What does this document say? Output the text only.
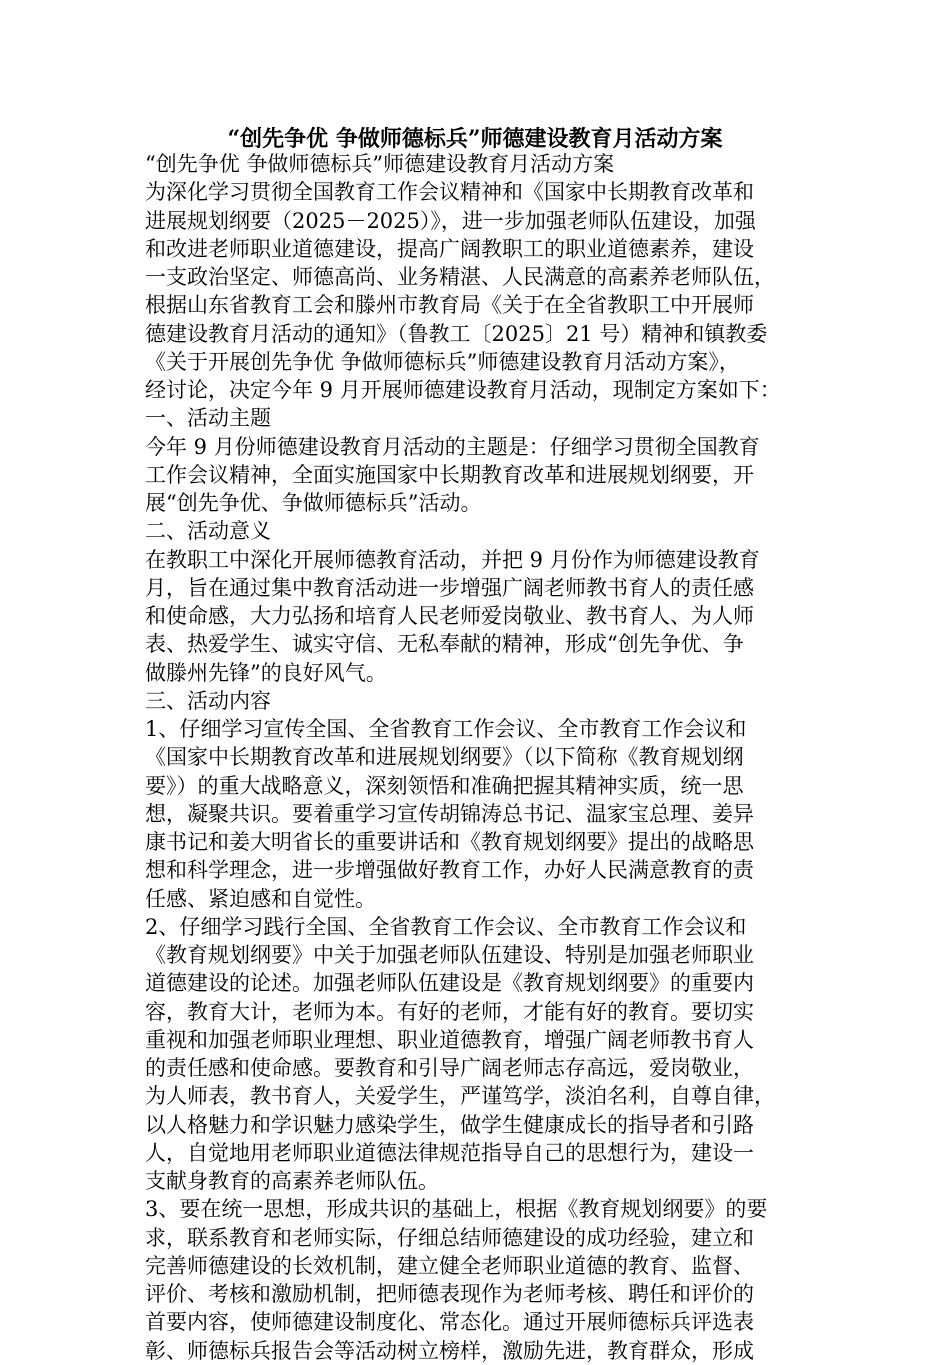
“创先争优 争做师德标兵”师德建设教育月活动方案
“创先争优 争做师德标兵”师德建设教育月活动方案
为深化学习贯彻全国教育工作会议精神和《国家中长期教育改革和
进展规划纲要（2025－2025）》，进一步加强老师队伍建设，加强
和改进老师职业道德建设，提高广阔教职工的职业道德素养，建设
一支政治坚定、师德高尚、业务精湛、人民满意的高素养老师队伍，
根据山东省教育工会和滕州市教育局《关于在全省教职工中开展师
德建设教育月活动的通知》（鲁教工〔2025〕21 号）精神和镇教委
《关于开展创先争优 争做师德标兵”师德建设教育月活动方案》，
经讨论，决定今年 9 月开展师德建设教育月活动，现制定方案如下：
一、活动主题
今年 9 月份师德建设教育月活动的主题是：仔细学习贯彻全国教育
工作会议精神，全面实施国家中长期教育改革和进展规划纲要，开
展“创先争优、争做师德标兵”活动。
二、活动意义
在教职工中深化开展师德教育活动，并把 9 月份作为师德建设教育
月，旨在通过集中教育活动进一步增强广阔老师教书育人的责任感
和使命感，大力弘扬和培育人民老师爱岗敬业、教书育人、为人师
表、热爱学生、诚实守信、无私奉献的精神，形成“创先争优、争
做滕州先锋”的良好风气。
三、活动内容
1、仔细学习宣传全国、全省教育工作会议、全市教育工作会议和
《国家中长期教育改革和进展规划纲要》（以下简称《教育规划纲
要》）的重大战略意义，深刻领悟和准确把握其精神实质，统一思
想，凝聚共识。要着重学习宣传胡锦涛总书记、温家宝总理、姜异
康书记和姜大明省长的重要讲话和《教育规划纲要》提出的战略思
想和科学理念，进一步增强做好教育工作，办好人民满意教育的责
任感、紧迫感和自觉性。
2、仔细学习践行全国、全省教育工作会议、全市教育工作会议和
《教育规划纲要》中关于加强老师队伍建设、特别是加强老师职业
道德建设的论述。加强老师队伍建设是《教育规划纲要》的重要内
容，教育大计，老师为本。有好的老师，才能有好的教育。要切实
重视和加强老师职业理想、职业道德教育，增强广阔老师教书育人
的责任感和使命感。要教育和引导广阔老师志存高远，爱岗敬业，
为人师表，教书育人，关爱学生，严谨笃学，淡泊名利，自尊自律，
以人格魅力和学识魅力感染学生，做学生健康成长的指导者和引路
人，自觉地用老师职业道德法律规范指导自己的思想行为，建设一
支献身教育的高素养老师队伍。
3、要在统一思想，形成共识的基础上，根据《教育规划纲要》的要
求，联系教育和老师实际，仔细总结师德建设的成功经验，建立和
完善师德建设的长效机制，建立健全老师职业道德的教育、监督、
评价、考核和激励机制，把师德表现作为老师考核、聘任和评价的
首要内容，使师德建设制度化、常态化。通过开展师德标兵评选表
彰、师德标兵报告会等活动树立榜样，激励先进，教育群众，形成
